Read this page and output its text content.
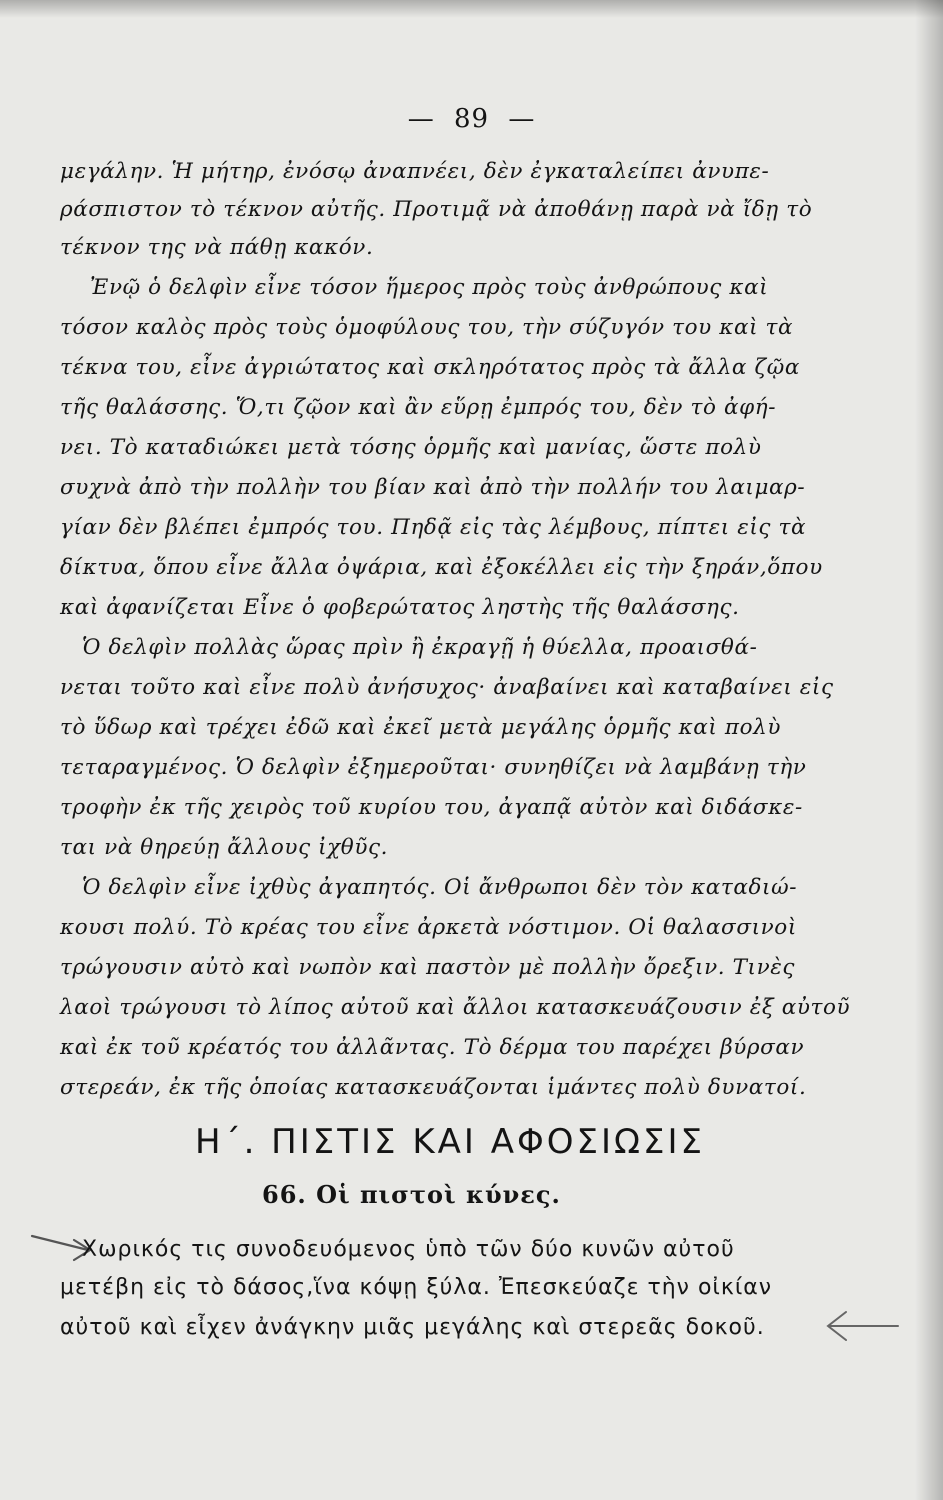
— 89 —
μεγάλην. Ἡ μήτηρ, ἐνόσῳ ἀναπνέει, δὲν ἐγκαταλείπει ἀνυπε-
ράσπιστον τὸ τέκνον αὐτῆς. Προτιμᾷ νὰ ἀποθάνῃ παρὰ νὰ ἴδῃ τὸ
τέκνον της νὰ πάθῃ κακόν.
Ἐνῷ ὁ δελφὶν εἶνε τόσον ἥμερος πρὸς τοὺς ἀνθρώπους καὶ
τόσον καλὸς πρὸς τοὺς ὁμοφύλους του, τὴν σύζυγόν του καὶ τὰ
τέκνα του, εἶνε ἀγριώτατος καὶ σκληρότατος πρὸς τὰ ἄλλα ζῷα
τῆς θαλάσσης. Ὅ,τι ζῷον καὶ ἂν εὕρῃ ἐμπρός του, δὲν τὸ ἀφή-
νει. Τὸ καταδιώκει μετὰ τόσης ὁρμῆς καὶ μανίας, ὥστε πολὺ
συχνὰ ἀπὸ τὴν πολλὴν του βίαν καὶ ἀπὸ τὴν πολλήν του λαιμαρ-
γίαν δὲν βλέπει ἐμπρός του. Πηδᾷ εἰς τὰς λέμβους, πίπτει εἰς τὰ
δίκτυα, ὅπου εἶνε ἄλλα ὀψάρια, καὶ ἐξοκέλλει εἰς τὴν ξηράν,ὅπου
καὶ ἀφανίζεται Εἶνε ὁ φοβερώτατος ληστὴς τῆς θαλάσσης.
Ὁ δελφὶν πολλὰς ὥρας πρὶν ἢ ἐκραγῇ ἡ θύελλα, προαισθά-
νεται τοῦτο καὶ εἶνε πολὺ ἀνήσυχος· ἀναβαίνει καὶ καταβαίνει εἰς
τὸ ὕδωρ καὶ τρέχει ἐδῶ καὶ ἐκεῖ μετὰ μεγάλης ὁρμῆς καὶ πολὺ
τεταραγμένος. Ὁ δελφὶν ἐξημεροῦται· συνηθίζει νὰ λαμβάνῃ τὴν
τροφὴν ἐκ τῆς χειρὸς τοῦ κυρίου του, ἀγαπᾷ αὐτὸν καὶ διδάσκε-
ται νὰ θηρεύῃ ἄλλους ἰχθῦς.
Ὁ δελφὶν εἶνε ἰχθὺς ἀγαπητός. Οἱ ἄνθρωποι δὲν τὸν καταδιώ-
κουσι πολύ. Τὸ κρέας του εἶνε ἀρκετὰ νόστιμον. Οἱ θαλασσινοὶ
τρώγουσιν αὐτὸ καὶ νωπὸν καὶ παστὸν μὲ πολλὴν ὄρεξιν. Τινὲς
λαοὶ τρώγουσι τὸ λίπος αὐτοῦ καὶ ἄλλοι κατασκευάζουσιν ἐξ αὐτοῦ
καὶ ἐκ τοῦ κρέατός του ἀλλᾶντας. Τὸ δέρμα του παρέχει βύρσαν
στερεάν, ἐκ τῆς ὁποίας κατασκευάζονται ἱμάντες πολὺ δυνατοί.
Η΄. ΠΙΣΤΙΣ ΚΑΙ ΑΦΟΣΙΩΣΙΣ
66. Οἱ πιστοὶ κύνες.
Χωρικός τις συνοδευόμενος ὑπὸ τῶν δύο κυνῶν αὐτοῦ
μετέβη εἰς τὸ δάσος,ἵνα κόψῃ ξύλα. Ἐπεσκεύαζε τὴν οἰκίαν
αὐτοῦ καὶ εἶχεν ἀνάγκην μιᾶς μεγάλης καὶ στερεᾶς δοκοῦ.
